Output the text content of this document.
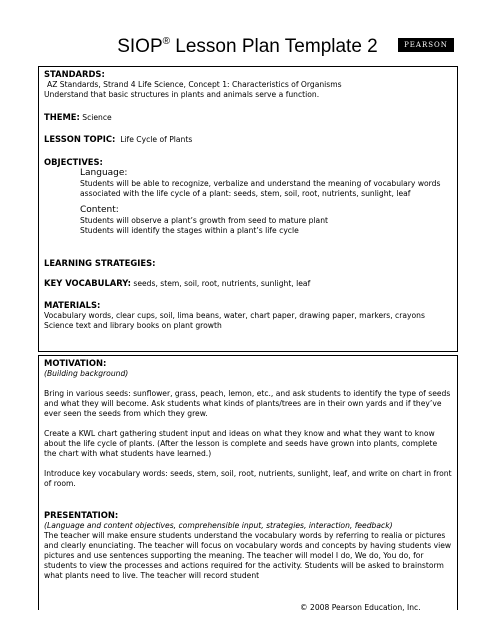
SIOP® Lesson Plan Template 2	PEARSON
STANDARDS:
AZ Standards, Strand 4 Life Science, Concept 1: Characteristics of Organisms
Understand that basic structures in plants and animals serve a function.
THEME: Science
LESSON TOPIC: Life Cycle of Plants
OBJECTIVES:
Language:
Students will be able to recognize, verbalize and understand the meaning of vocabulary words associated with the life cycle of a plant: seeds, stem, soil, root, nutrients, sunlight, leaf
Content:
Students will observe a plant’s growth from seed to mature plant
Students will identify the stages within a plant’s life cycle
LEARNING STRATEGIES:
KEY VOCABULARY: seeds, stem, soil, root, nutrients, sunlight, leaf
MATERIALS:
Vocabulary words, clear cups, soil, lima beans, water, chart paper, drawing paper, markers, crayons
Science text and library books on plant growth
MOTIVATION:
(Building background)
Bring in various seeds: sunflower, grass, peach, lemon, etc., and ask students to identify the type of seeds and what they will become. Ask students what kinds of plants/trees are in their own yards and if they’ve ever seen the seeds from which they grew.
Create a KWL chart gathering student input and ideas on what they know and what they want to know about the life cycle of plants. (After the lesson is complete and seeds have grown into plants, complete the chart with what students have learned.)
Introduce key vocabulary words: seeds, stem, soil, root, nutrients, sunlight, leaf, and write on chart in front of room.
PRESENTATION:
(Language and content objectives, comprehensible input, strategies, interaction, feedback)
The teacher will make ensure students understand the vocabulary words by referring to realia or pictures and clearly enunciating. The teacher will focus on vocabulary words and concepts by having students view pictures and use sentences supporting the meaning. The teacher will model I do, We do, You do, for students to view the processes and actions required for the activity. Students will be asked to brainstorm what plants need to live. The teacher will record student
© 2008 Pearson Education, Inc.
